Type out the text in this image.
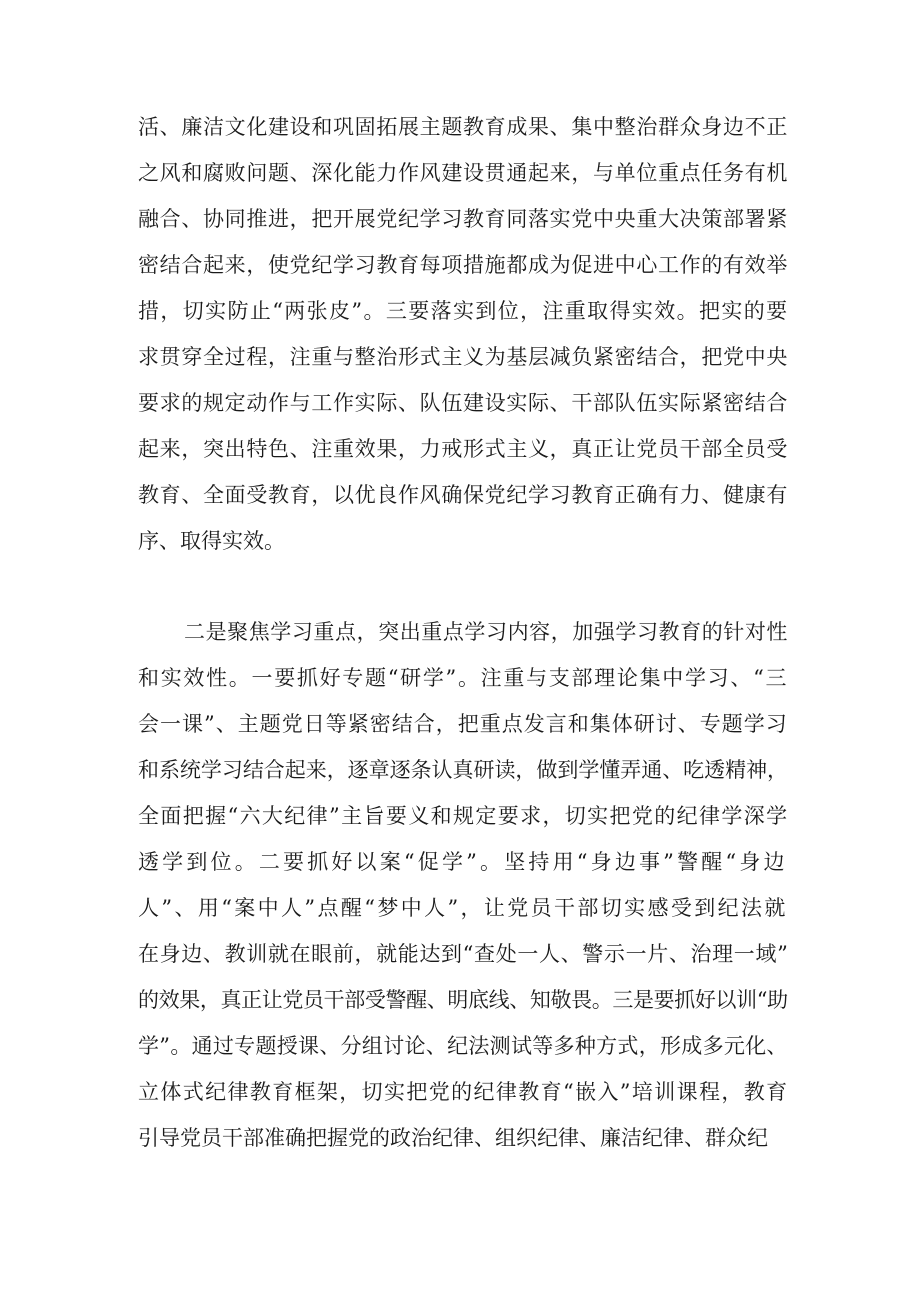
活、廉洁文化建设和巩固拓展主题教育成果、集中整治群众身边不正
之风和腐败问题、深化能力作风建设贯通起来，与单位重点任务有机
融合、协同推进，把开展党纪学习教育同落实党中央重大决策部署紧
密结合起来，使党纪学习教育每项措施都成为促进中心工作的有效举
措，切实防止“两张皮”。三要落实到位，注重取得实效。把实的要
求贯穿全过程，注重与整治形式主义为基层减负紧密结合，把党中央
要求的规定动作与工作实际、队伍建设实际、干部队伍实际紧密结合
起来，突出特色、注重效果，力戒形式主义，真正让党员干部全员受
教育、全面受教育，以优良作风确保党纪学习教育正确有力、健康有
序、取得实效。
二是聚焦学习重点，突出重点学习内容，加强学习教育的针对性
和实效性。一要抓好专题“研学”。注重与支部理论集中学习、“三
会一课”、主题党日等紧密结合，把重点发言和集体研讨、专题学习
和系统学习结合起来，逐章逐条认真研读，做到学懂弄通、吃透精神，
全面把握“六大纪律”主旨要义和规定要求，切实把党的纪律学深学
透学到位。二要抓好以案“促学”。坚持用“身边事”警醒“身边
人”、用“案中人”点醒“梦中人”，让党员干部切实感受到纪法就
在身边、教训就在眼前，就能达到“查处一人、警示一片、治理一域”
的效果，真正让党员干部受警醒、明底线、知敬畏。三是要抓好以训“助
学”。通过专题授课、分组讨论、纪法测试等多种方式，形成多元化、
立体式纪律教育框架，切实把党的纪律教育“嵌入”培训课程，教育
引导党员干部准确把握党的政治纪律、组织纪律、廉洁纪律、群众纪
